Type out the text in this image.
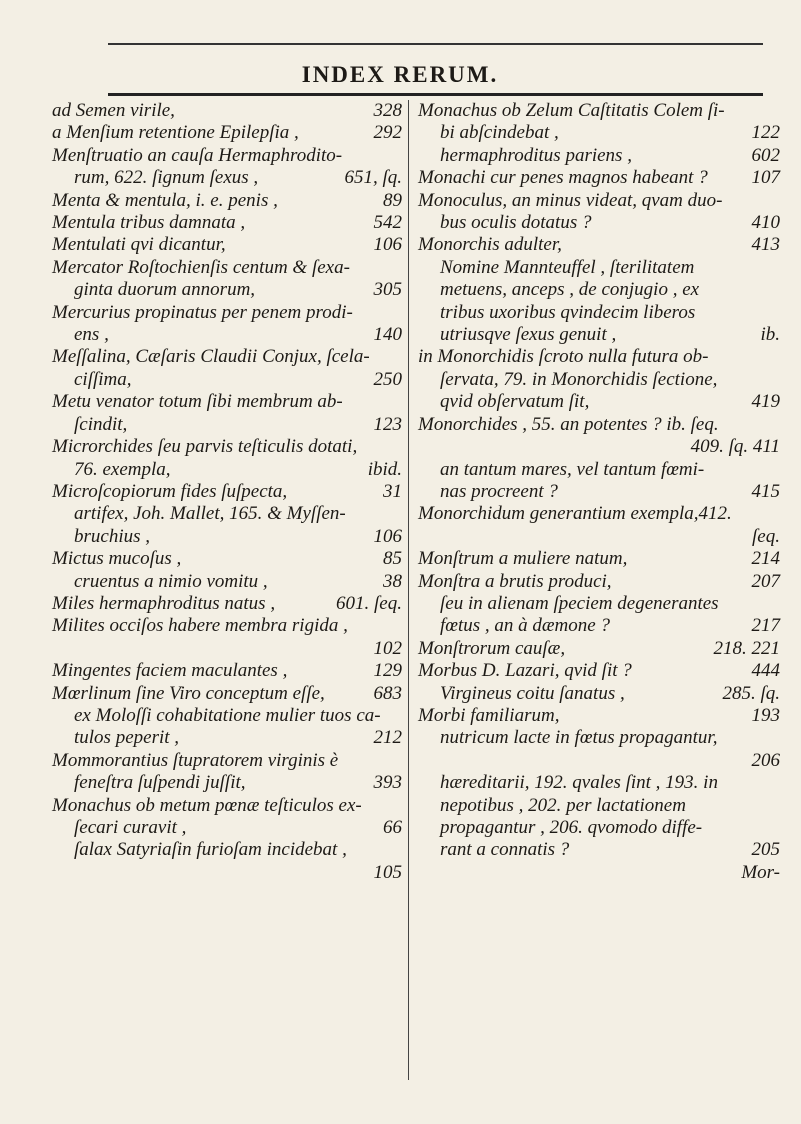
INDEX RERUM.
ad Semen virile,	328
a Menſium retentione Epilepſia ,	292
Menſtruatio an cauſa Hermaphrodito-
rum, 622. ſignum ſexus ,	651, ſq.
Menta & mentula, i. e. penis ,	89
Mentula tribus damnata ,	542
Mentulati qvi dicantur,	106
Mercator Roſtochienſis centum & ſexa-
ginta duorum annorum,	305
Mercurius propinatus per penem prodi-
ens ,	140
Meſſalina, Cæſaris Claudii Conjux, ſcela-
ciſſima,	250
Metu venator totum ſibi membrum ab-
ſcindit,	123
Microrchides ſeu parvis teſticulis dotati,
76. exempla,	ibid.
Microſcopiorum fides ſuſpecta,	31
artifex, Joh. Mallet, 165. & Myſſen-
bruchius ,	106
Mictus mucoſus ,	85
cruentus a nimio vomitu ,	38
Miles hermaphroditus natus ,	601. ſeq.
Milites occiſos habere membra rigida ,
102
Mingentes faciem maculantes ,	129
Mœrlinum ſine Viro conceptum eſſe,	683
ex Moloſſi cohabitatione mulier tuos ca-
tulos peperit ,	212
Mommorantius ſtupratorem virginis è
feneſtra ſuſpendi juſſit,	393
Monachus ob metum pœnæ teſticulos ex-
ſecari curavit ,	66
ſalax Satyriaſin furioſam incidebat ,
105
Monachus ob Zelum Caſtitatis Colem ſi-
bi abſcindebat ,	122
hermaphroditus pariens ,	602
Monachi cur penes magnos habeant ? 107
Monoculus, an minus videat, qvam duo-
bus oculis dotatus ?	410
Monorchis adulter,	413
Nomine Mannteuffel , ſterilitatem
metuens, anceps , de conjugio , ex
tribus uxoribus qvindecim liberos
utriusqve ſexus genuit ,	ib.
in Monorchidis ſcroto nulla futura ob-
ſervata, 79. in Monorchidis ſectione,
qvid obſervatum ſit,	419
Monorchides , 55. an potentes ? ib. ſeq.
409. ſq. 411
an tantum mares, vel tantum fœmi-
nas procreent ?	415
Monorchidum generantium exempla,412.
ſeq.
Monſtrum a muliere natum,	214
Monſtra a brutis produci,	207
ſeu in alienam ſpeciem degenerantes
fœtus , an à dæmone ?	217
Monſtrorum cauſæ,	218. 221
Morbus D. Lazari, qvid ſit ?	444
Virgineus coitu ſanatus ,	285. ſq.
Morbi familiarum,	193
nutricum lacte in fœtus propagantur,
206
hæreditarii, 192. qvales ſint , 193. in
nepotibus , 202. per lactationem
propagantur , 206. qvomodo diffe-
rant a connatis ?	205
Mor-
